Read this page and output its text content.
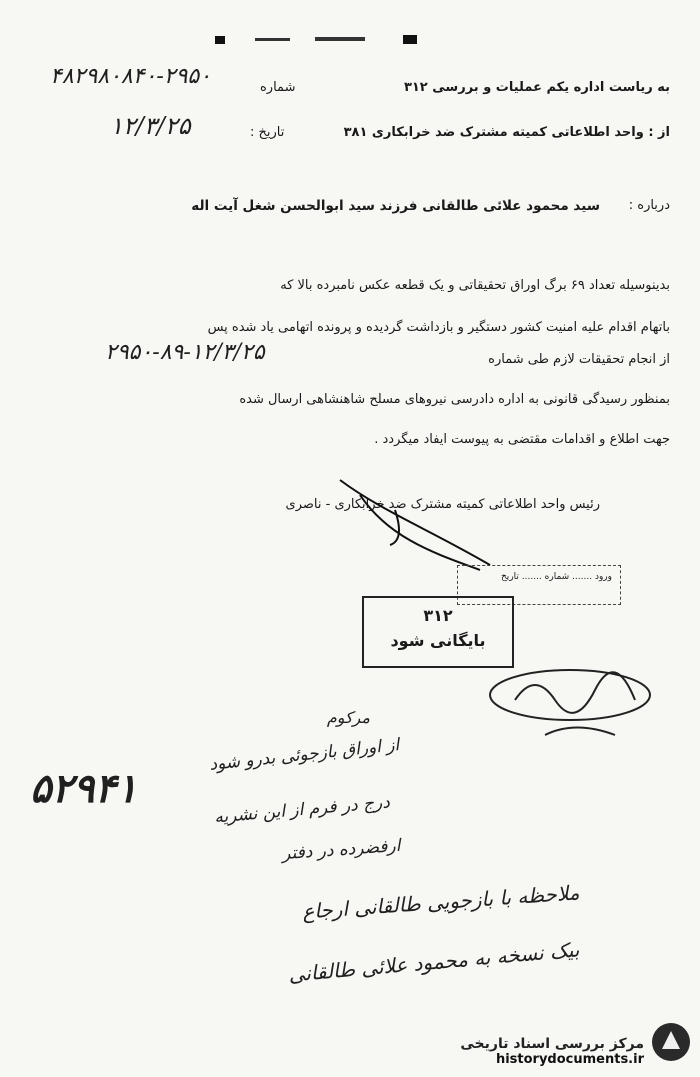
به ریاست اداره یکم عملیات و بررسی ۳۱۲
شماره
۴۸۲۹۸۰۸۴۰-۲۹۵۰
از : واحد اطلاعاتی کمیته مشترک ضد خرابکاری ۳۸۱
تاریخ :
۱۲/۳/۲۵
درباره :
سید محمود علائی طالقانی فرزند سید ابوالحسن شغل آیت اله
بدینوسیله تعداد ۶۹ برگ اوراق تحقیقاتی و یک قطعه عکس نامبرده بالا که
باتهام اقدام علیه امنیت کشور دستگیر و بازداشت گردیده و پرونده اتهامی یاد شده پس
از انجام تحقیقات لازم طی شماره
۲۹۵۰-۸۹-۱۲/۳/۲۵
بمنظور رسیدگی قانونی به اداره دادرسی نیروهای مسلح شاهنشاهی ارسال شده
جهت اطلاع و اقدامات مقتضی به پیوست ایفاد میگردد .
رئیس واحد اطلاعاتی کمیته مشترک ضد خرابکاری - ناصری
ورود ....... شماره ....... تاریخ
۳۱۲
بایگانی شود
۵۲۹۴۱
مرکوم
از اوراق بازجوئی بدرو شود
درج در فرم از این نشریه
ارفضرده در دفتر
ملاحظه با بازجویی طالقانی ارجاع
بیک نسخه به محمود علائی طالقانی
مرکز بررسی اسناد تاریخی
historydocuments.ir
